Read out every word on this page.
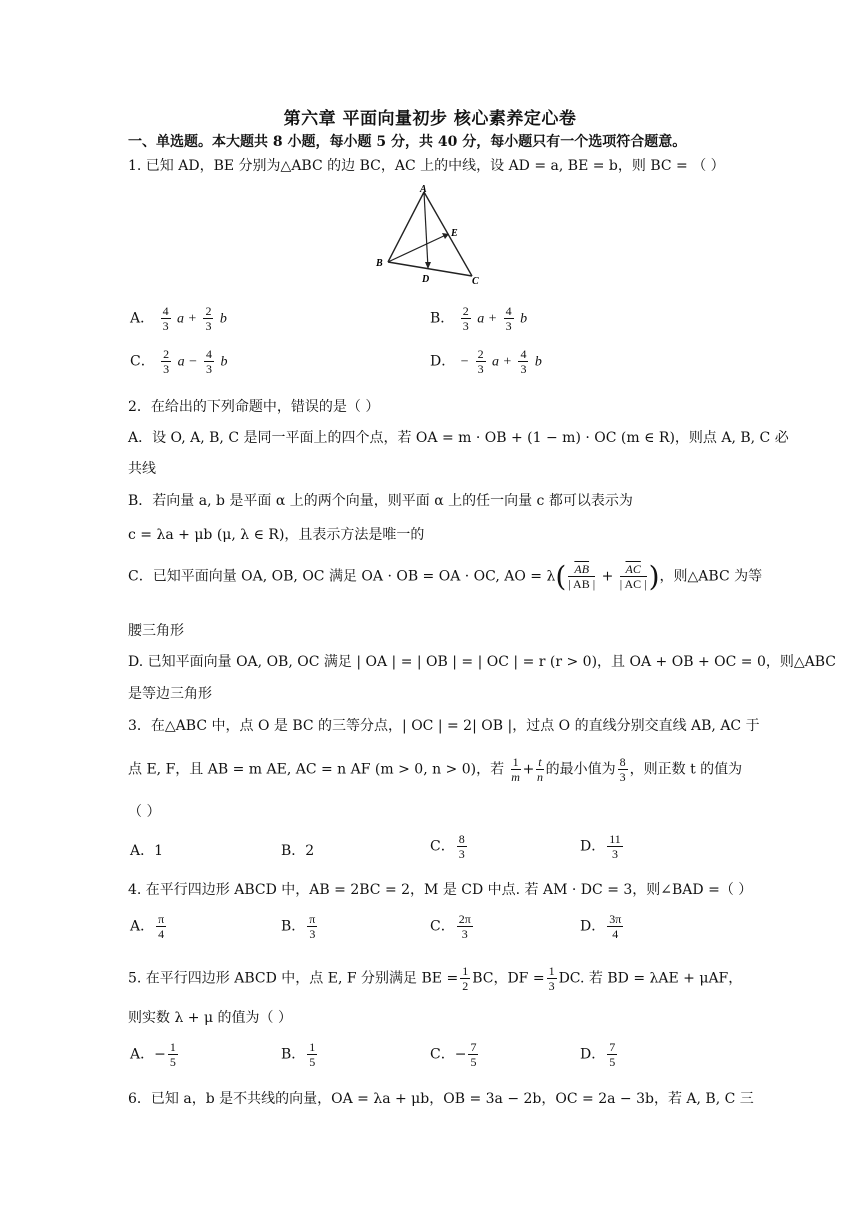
第六章 平面向量初步 核心素养定心卷
一、单选题。本大题共 8 小题，每小题 5 分，共 40 分，每小题只有一个选项符合题意。
1. 已知 AD，BE 分别为△ABC 的边 BC，AC 上的中线，设 AD = a, BE = b，则 BC = （ ）
A
E
B
D	C
A． $\frac{4}{3}$ $a + \frac{2}{3}$ b	B． $\frac{2}{3}$ $a + \frac{4}{3}$ b
C． $\frac{2}{3}$ $a - \frac{4}{3}$ b	D． − $\frac{2}{3}$ $a + \frac{4}{3}$ b
2．在给出的下列命题中，错误的是（ ）
A．设 O, A, B, C 是同一平面上的四个点，若 OA = m · OB + (1 − m) · OC (m ∈ R)，则点 A, B, C 必
共线
B．若向量 a, b 是平面 α 上的两个向量，则平面 α 上的任一向量 c 都可以表示为
c = λa + μb (μ, λ ∈ R)，且表示方法是唯一的
C．已知平面向量 OA, OB, OC 满足 OA · OB = OA · OC, AO = $\lambda( \frac{\overline{AB}}{| AB |} + \frac{\overline{AC}}{| AC |}$ )，则△ABC 为等
腰三角形
D. 已知平面向量 OA, OB, OC 满足 | OA | = | OB | = | OC | = r (r > 0)，且 OA + OB + OC = 0，则△ABC
是等边三角形
3．在△ABC 中，点 O 是 BC 的三等分点，| OC | = 2| OB |，过点 O 的直线分别交直线 AB, AC 于
点 E, F，且 AB = m AE, AC = n AF (m > 0, n > 0)，若 $\frac{1}{m} + \frac{t}{n}$ 的最小值为 $\frac{8}{3}$ ，则正数 t 的值为
（ ）
A．1	B．2	C． $\frac{8}{3}$	D． $\frac{11}{3}$
4. 在平行四边形 ABCD 中，AB = 2BC = 2，M 是 CD 中点. 若 AM · DC = 3，则∠BAD =（ ）
A． $\frac{\pi}{4}$	B． $\frac{\pi}{3}$	C． $\frac{2\pi}{3}$	D． $\frac{3\pi}{4}$
5. 在平行四边形 ABCD 中，点 E, F 分别满足 BE = $\frac{1}{2}$ BC，DF = $\frac{1}{3}$ DC. 若 BD = λAE + μAF，
则实数 λ + μ 的值为（ ）
A．− $\frac{1}{5}$	B． $\frac{1}{5}$	C．− $\frac{7}{5}$	D． $\frac{7}{5}$
6．已知 a，b 是不共线的向量，OA = λa + μb，OB = 3a − 2b，OC = 2a − 3b，若 A, B, C 三
